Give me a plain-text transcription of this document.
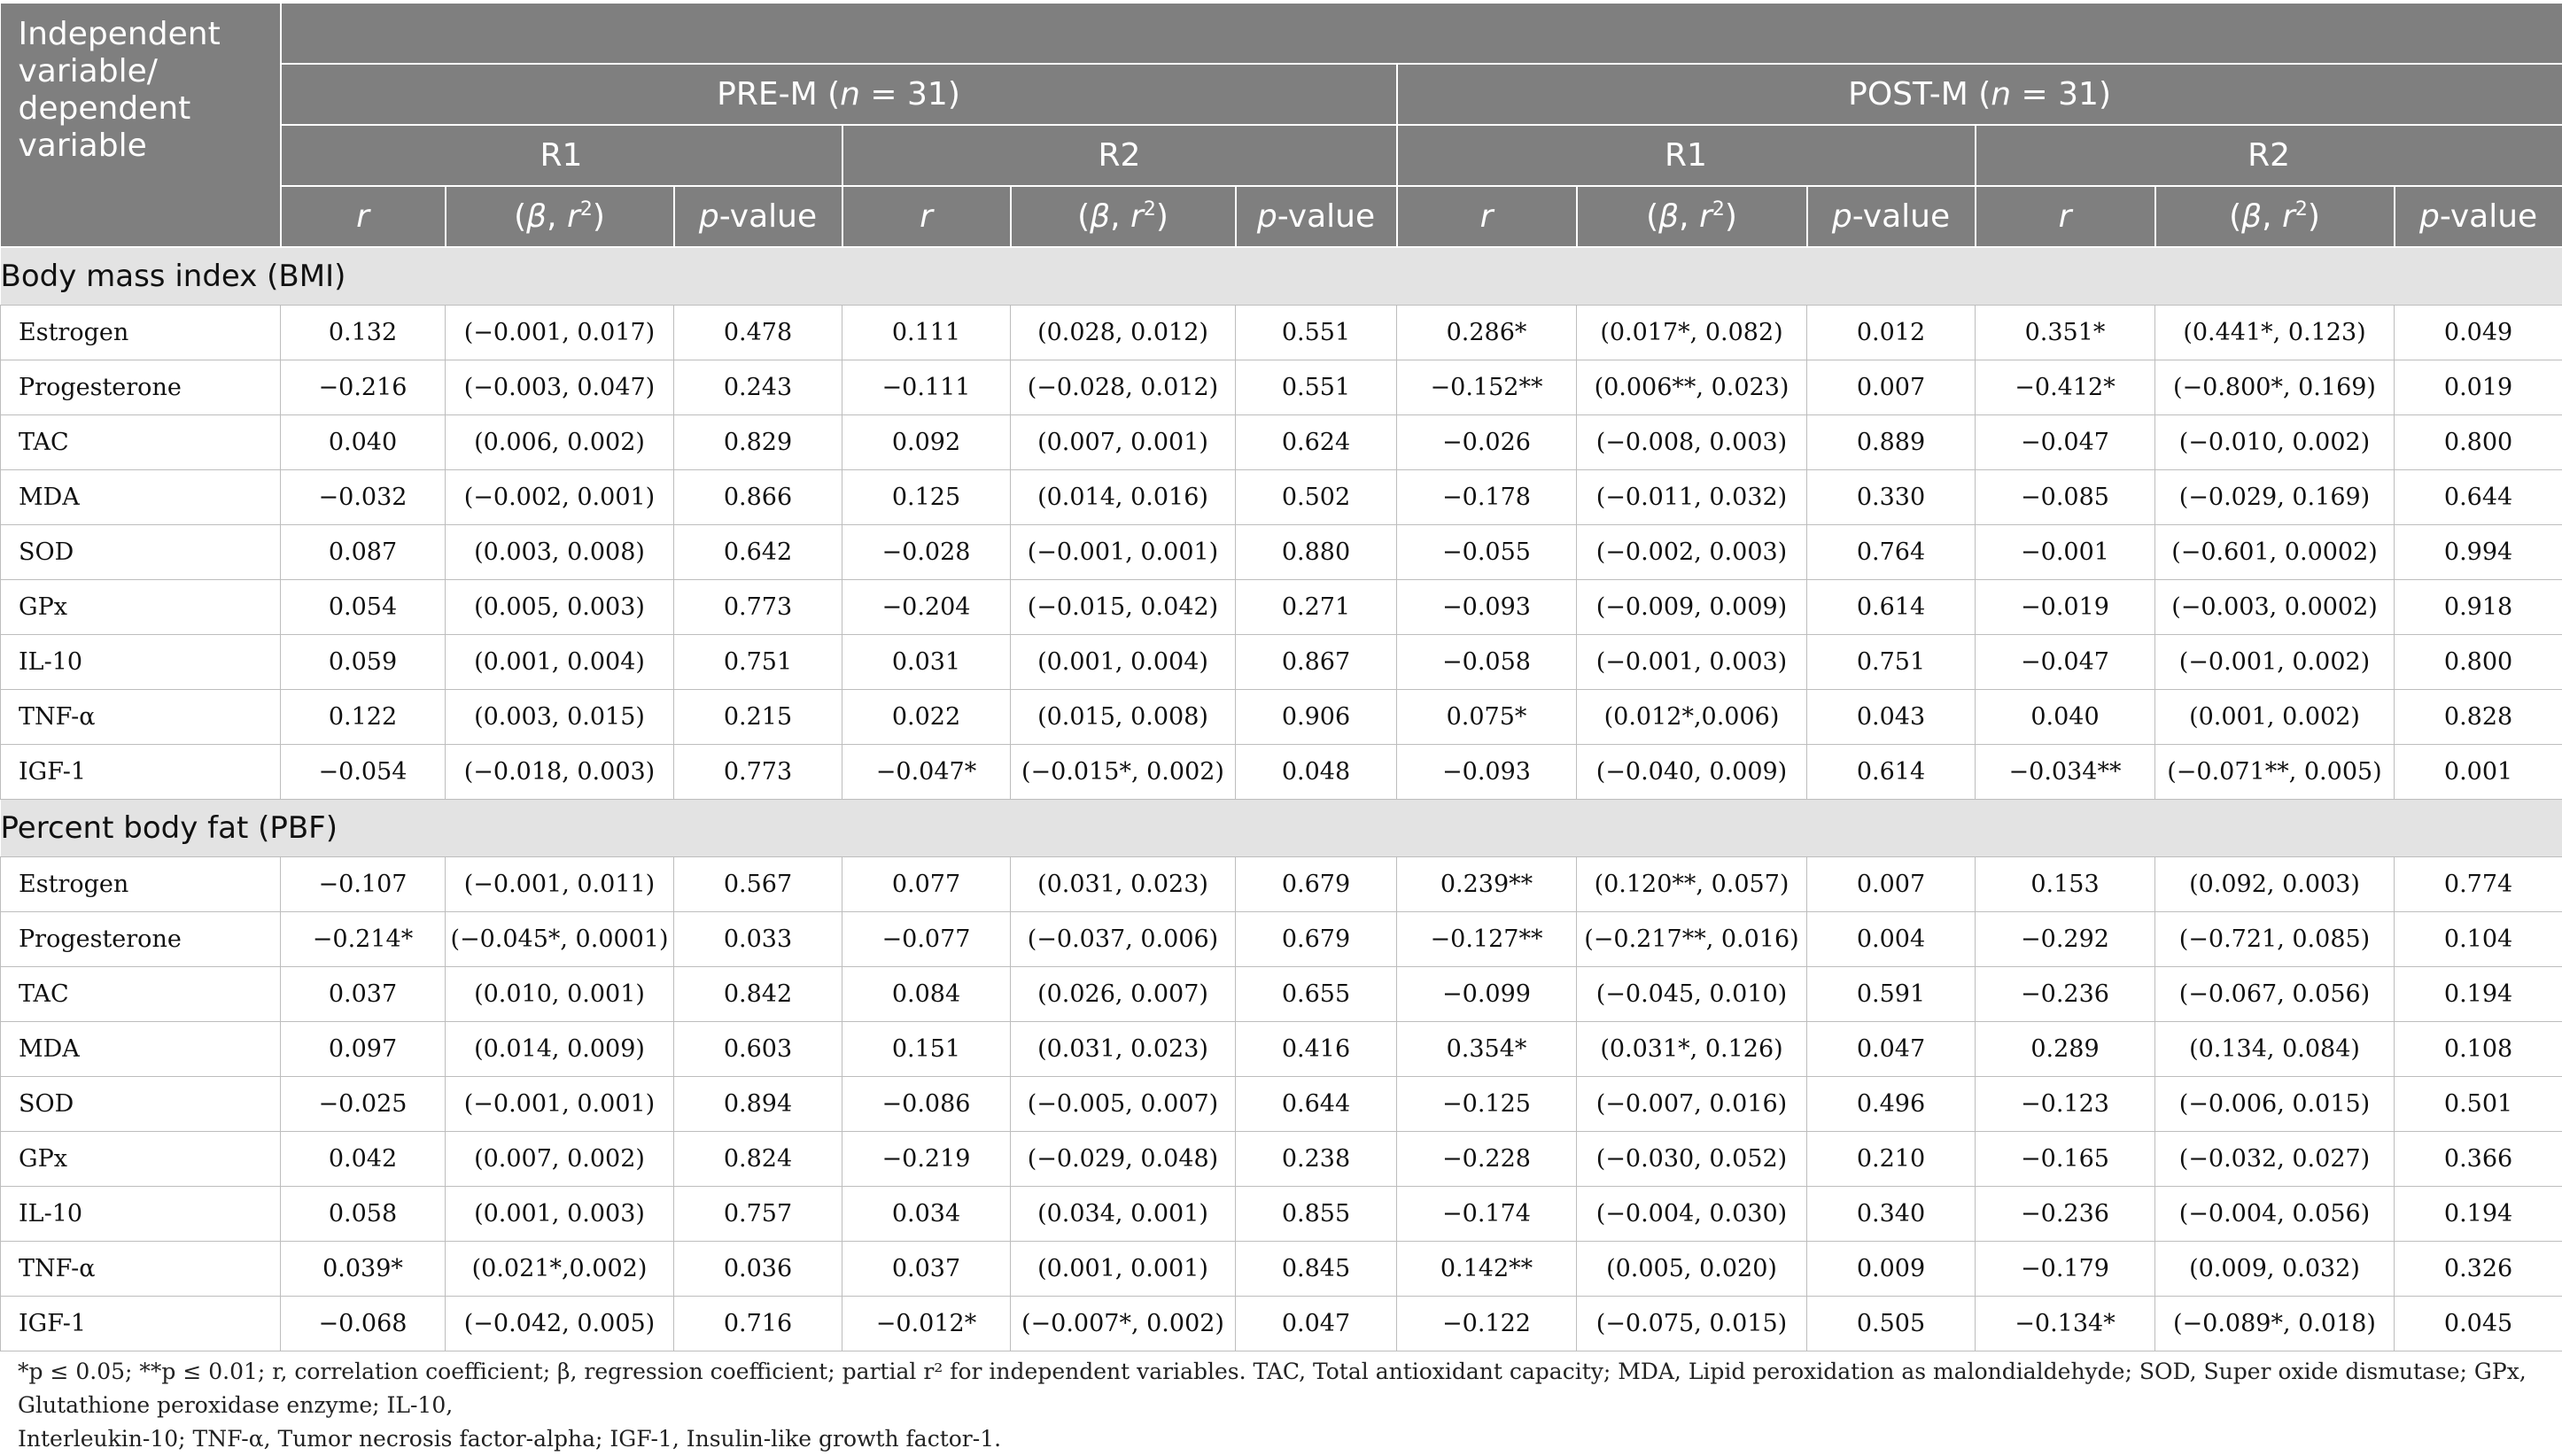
Independent
variable/
dependent
variable												

	PRE-M (n = 31)						POST-M (n = 31)					
	R1			R2			R1			R2		
	r	(β, $r^2$)	p-value	r	(β, $r^2$)	p-value	r	(β, $r^2$)	p-value	r	(β, $r^2$)	p-value
Body mass index (BMI)												
Estrogen	0.132	(−0.001, 0.017)	0.478	0.111	(0.028, 0.012)	0.551	0.286*	(0.017*, 0.082)	0.012	0.351*	(0.441*, 0.123)	0.049
Progesterone	−0.216	(−0.003, 0.047)	0.243	−0.111	(−0.028, 0.012)	0.551	−0.152**	(0.006**, 0.023)	0.007	−0.412*	(−0.800*, 0.169)	0.019
TAC	0.040	(0.006, 0.002)	0.829	0.092	(0.007, 0.001)	0.624	−0.026	(−0.008, 0.003)	0.889	−0.047	(−0.010, 0.002)	0.800
MDA	−0.032	(−0.002, 0.001)	0.866	0.125	(0.014, 0.016)	0.502	−0.178	(−0.011, 0.032)	0.330	−0.085	(−0.029, 0.169)	0.644
SOD	0.087	(0.003, 0.008)	0.642	−0.028	(−0.001, 0.001)	0.880	−0.055	(−0.002, 0.003)	0.764	−0.001	(−0.601, 0.0002)	0.994
GPx	0.054	(0.005, 0.003)	0.773	−0.204	(−0.015, 0.042)	0.271	−0.093	(−0.009, 0.009)	0.614	−0.019	(−0.003, 0.0002)	0.918
IL-10	0.059	(0.001, 0.004)	0.751	0.031	(0.001, 0.004)	0.867	−0.058	(−0.001, 0.003)	0.751	−0.047	(−0.001, 0.002)	0.800
TNF-α	0.122	(0.003, 0.015)	0.215	0.022	(0.015, 0.008)	0.906	0.075*	(0.012*,0.006)	0.043	0.040	(0.001, 0.002)	0.828
IGF-1	−0.054	(−0.018, 0.003)	0.773	−0.047*	(−0.015*, 0.002)	0.048	−0.093	(−0.040, 0.009)	0.614	−0.034**	(−0.071**, 0.005)	0.001
Percent body fat (PBF)												
Estrogen	−0.107	(−0.001, 0.011)	0.567	0.077	(0.031, 0.023)	0.679	0.239**	(0.120**, 0.057)	0.007	0.153	(0.092, 0.003)	0.774
Progesterone	−0.214*	(−0.045*, 0.0001)	0.033	−0.077	(−0.037, 0.006)	0.679	−0.127**	(−0.217**, 0.016)	0.004	−0.292	(−0.721, 0.085)	0.104
TAC	0.037	(0.010, 0.001)	0.842	0.084	(0.026, 0.007)	0.655	−0.099	(−0.045, 0.010)	0.591	−0.236	(−0.067, 0.056)	0.194
MDA	0.097	(0.014, 0.009)	0.603	0.151	(0.031, 0.023)	0.416	0.354*	(0.031*, 0.126)	0.047	0.289	(0.134, 0.084)	0.108
SOD	−0.025	(−0.001, 0.001)	0.894	−0.086	(−0.005, 0.007)	0.644	−0.125	(−0.007, 0.016)	0.496	−0.123	(−0.006, 0.015)	0.501
GPx	0.042	(0.007, 0.002)	0.824	−0.219	(−0.029, 0.048)	0.238	−0.228	(−0.030, 0.052)	0.210	−0.165	(−0.032, 0.027)	0.366
IL-10	0.058	(0.001, 0.003)	0.757	0.034	(0.034, 0.001)	0.855	−0.174	(−0.004, 0.030)	0.340	−0.236	(−0.004, 0.056)	0.194
TNF-α	0.039*	(0.021*,0.002)	0.036	0.037	(0.001, 0.001)	0.845	0.142**	(0.005, 0.020)	0.009	−0.179	(0.009, 0.032)	0.326
IGF-1	−0.068	(−0.042, 0.005)	0.716	−0.012*	(−0.007*, 0.002)	0.047	−0.122	(−0.075, 0.015)	0.505	−0.134*	(−0.089*, 0.018)	0.045
*p ≤ 0.05; **p ≤ 0.01; r, correlation coefficient; β, regression coefficient; partial r² for independent variables. TAC, Total antioxidant capacity; MDA, Lipid peroxidation as malondialdehyde; SOD, Super oxide dismutase; GPx, Glutathione peroxidase enzyme; IL-10,
Interleukin-10; TNF-α, Tumor necrosis factor-alpha; IGF-1, Insulin-like growth factor-1.
